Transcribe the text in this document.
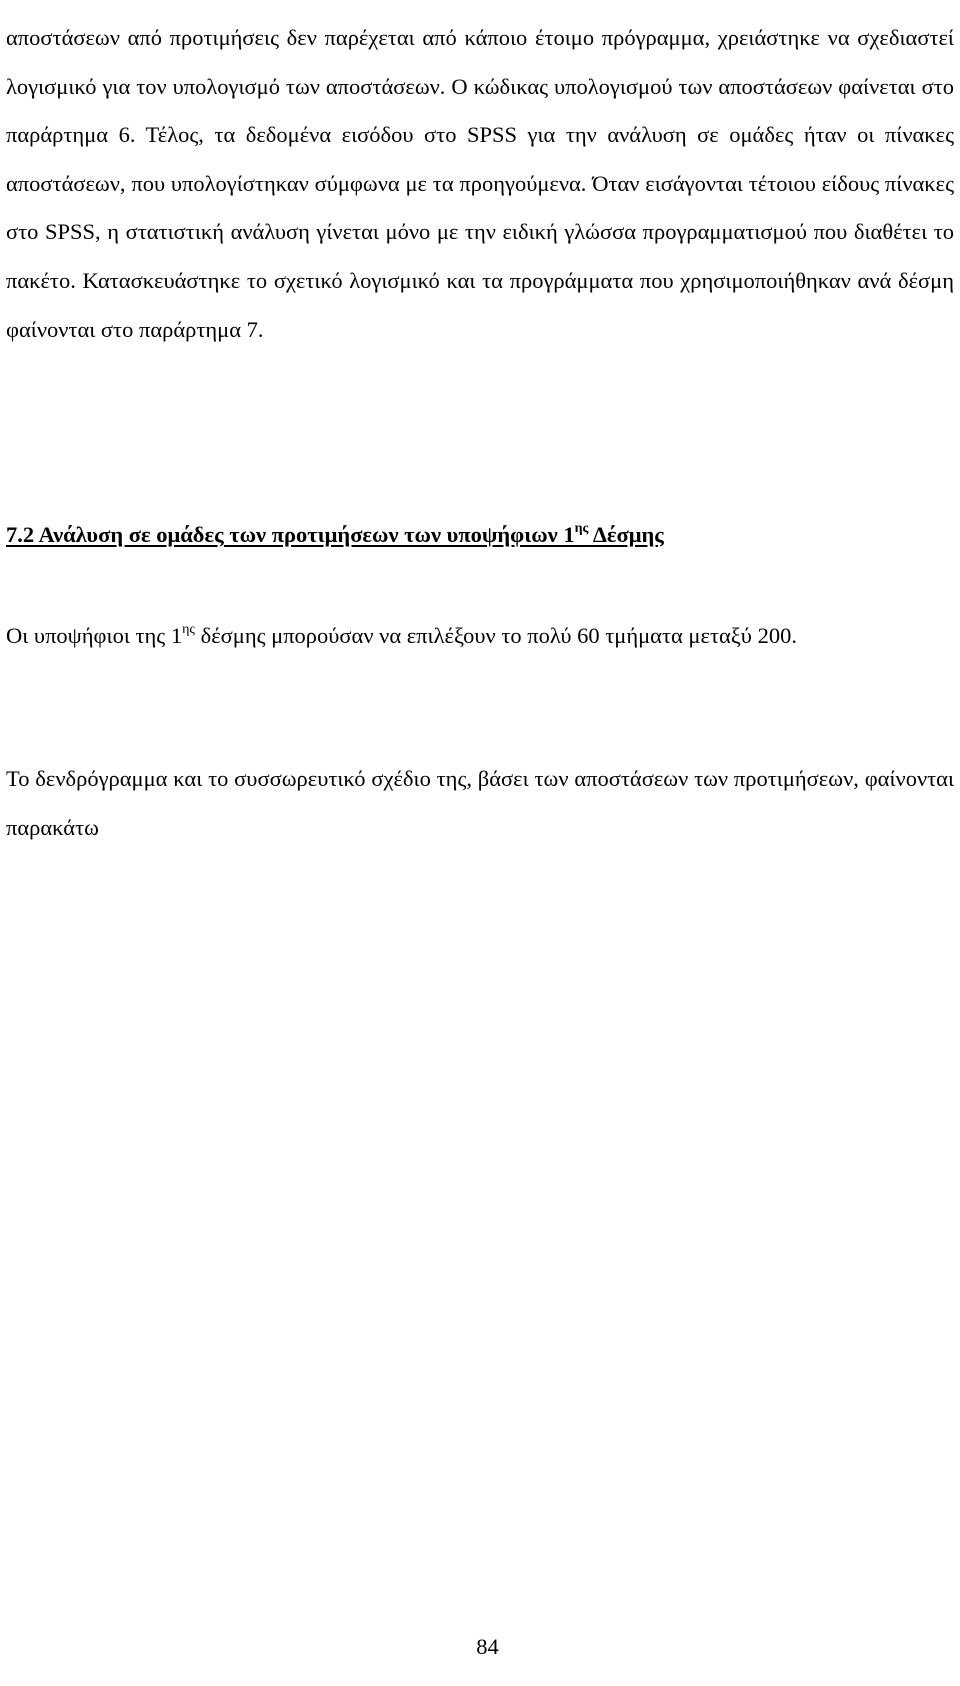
αποστάσεων από προτιμήσεις δεν παρέχεται από κάποιο έτοιμο πρόγραμμα, χρειάστηκε να σχεδιαστεί λογισμικό για τον υπολογισμό των αποστάσεων. Ο κώδικας υπολογισμού των αποστάσεων φαίνεται στο παράρτημα 6. Τέλος, τα δεδομένα εισόδου στο SPSS για την ανάλυση σε ομάδες ήταν οι πίνακες αποστάσεων, που υπολογίστηκαν σύμφωνα με τα προηγούμενα. Όταν εισάγονται τέτοιου είδους πίνακες στο SPSS, η στατιστική ανάλυση γίνεται μόνο με την ειδική γλώσσα προγραμματισμού που διαθέτει το πακέτο. Κατασκευάστηκε το σχετικό λογισμικό και τα προγράμματα που χρησιμοποιήθηκαν ανά δέσμη φαίνονται στο παράρτημα 7.

7.2 Ανάλυση σε ομάδες των προτιμήσεων των υποψήφιων $1^{\eta\varsigma}$ Δέσμης

Οι υποψήφιοι της $1^{\eta\varsigma}$ δέσμης μπορούσαν να επιλέξουν το πολύ 60 τμήματα μεταξύ 200.

Το δενδρόγραμμα και το συσσωρευτικό σχέδιο της, βάσει των αποστάσεων των προτιμήσεων, φαίνονται παρακάτω

84
